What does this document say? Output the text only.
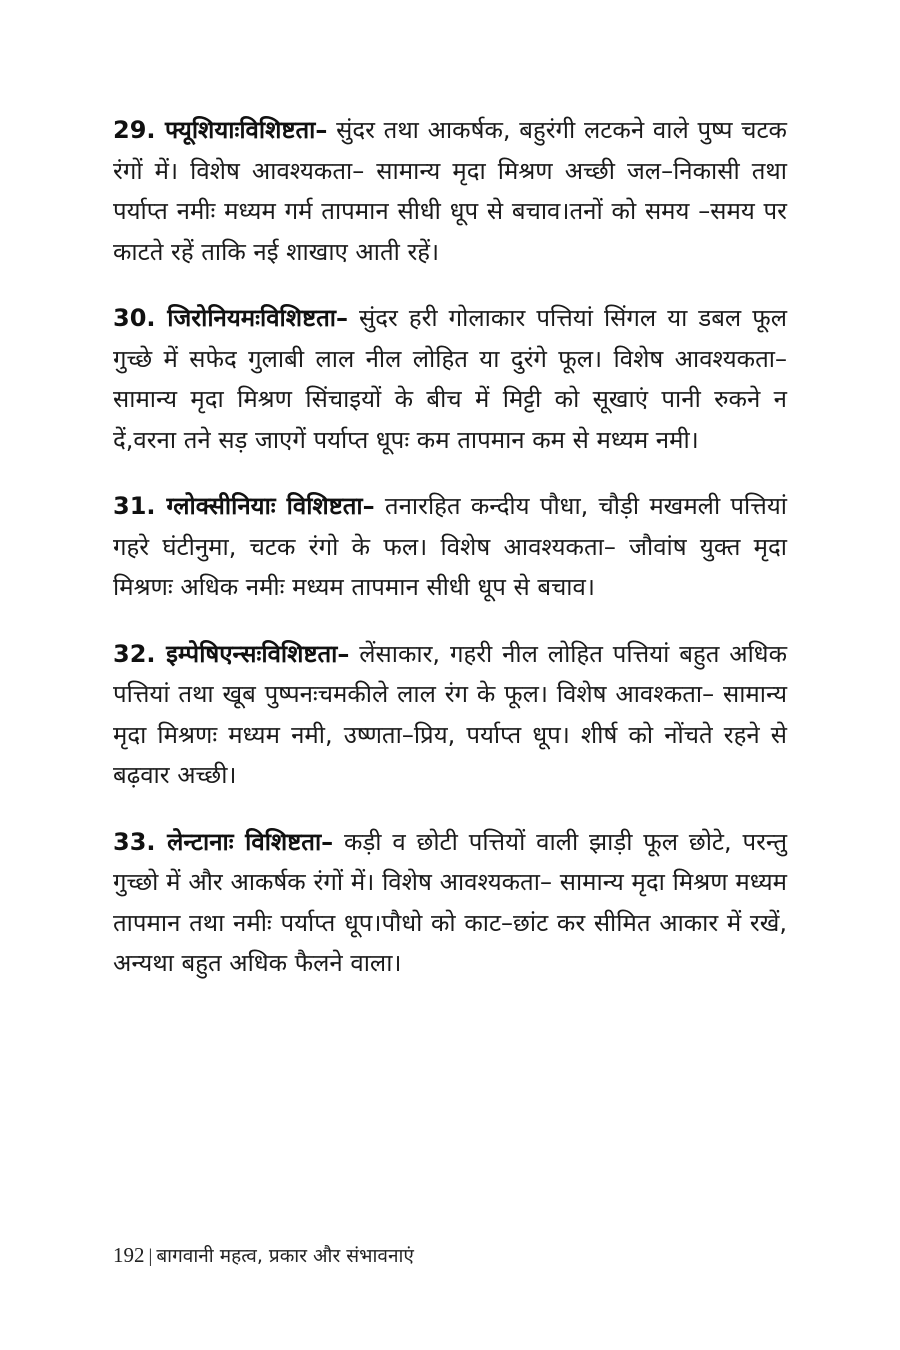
29. फ्यूशियाःविशिष्टता– सुंदर तथा आकर्षक, बहुरंगी लटकने वाले पुष्प चटक रंगों में। विशेष आवश्यकता– सामान्य मृदा मिश्रण अच्छी जल–निकासी तथा पर्याप्त नमीः मध्यम गर्म तापमान सीधी धूप से बचाव।तनों को समय –समय पर काटते रहें ताकि नई शाखाए आती रहें।

30. जिरोनियमःविशिष्टता– सुंदर हरी गोलाकार पत्तियां सिंगल या डबल फूल गुच्छे में सफेद गुलाबी लाल नील लोहित या दुरंगे फूल। विशेष आवश्यकता– सामान्य मृदा मिश्रण सिंचाइयों के बीच में मिट्टी को सूखाएं पानी रुकने न दें,वरना तने सड़ जाएगें पर्याप्त धूपः कम तापमान कम से मध्यम नमी।

31. ग्लोक्सीनियाः विशिष्टता– तनारहित कन्दीय पौधा, चौड़ी मखमली पत्तियां गहरे घंटीनुमा, चटक रंगो के फल। विशेष आवश्यकता– जौवांष युक्त मृदा मिश्रणः अधिक नमीः मध्यम तापमान सीधी धूप से बचाव।

32. इम्पेषिएन्सःविशिष्टता– लेंसाकार, गहरी नील लोहित पत्तियां बहुत अधिक पत्तियां तथा खूब पुष्पनःचमकीले लाल रंग के फूल। विशेष आवश्कता– सामान्य मृदा मिश्रणः मध्यम नमी, उष्णता–प्रिय, पर्याप्त धूप। शीर्ष को नोंचते रहने से बढ़वार अच्छी।

33. लेन्टानाः विशिष्टता– कड़ी व छोटी पत्तियों वाली झाड़ी फूल छोटे, परन्तु गुच्छो में और आकर्षक रंगों में। विशेष आवश्यकता– सामान्य मृदा मिश्रण मध्यम तापमान तथा नमीः पर्याप्त धूप।पौधो को काट–छांट कर सीमित आकार में रखें, अन्यथा बहुत अधिक फैलने वाला।

192 | बागवानी महत्व, प्रकार और संभावनाएं
